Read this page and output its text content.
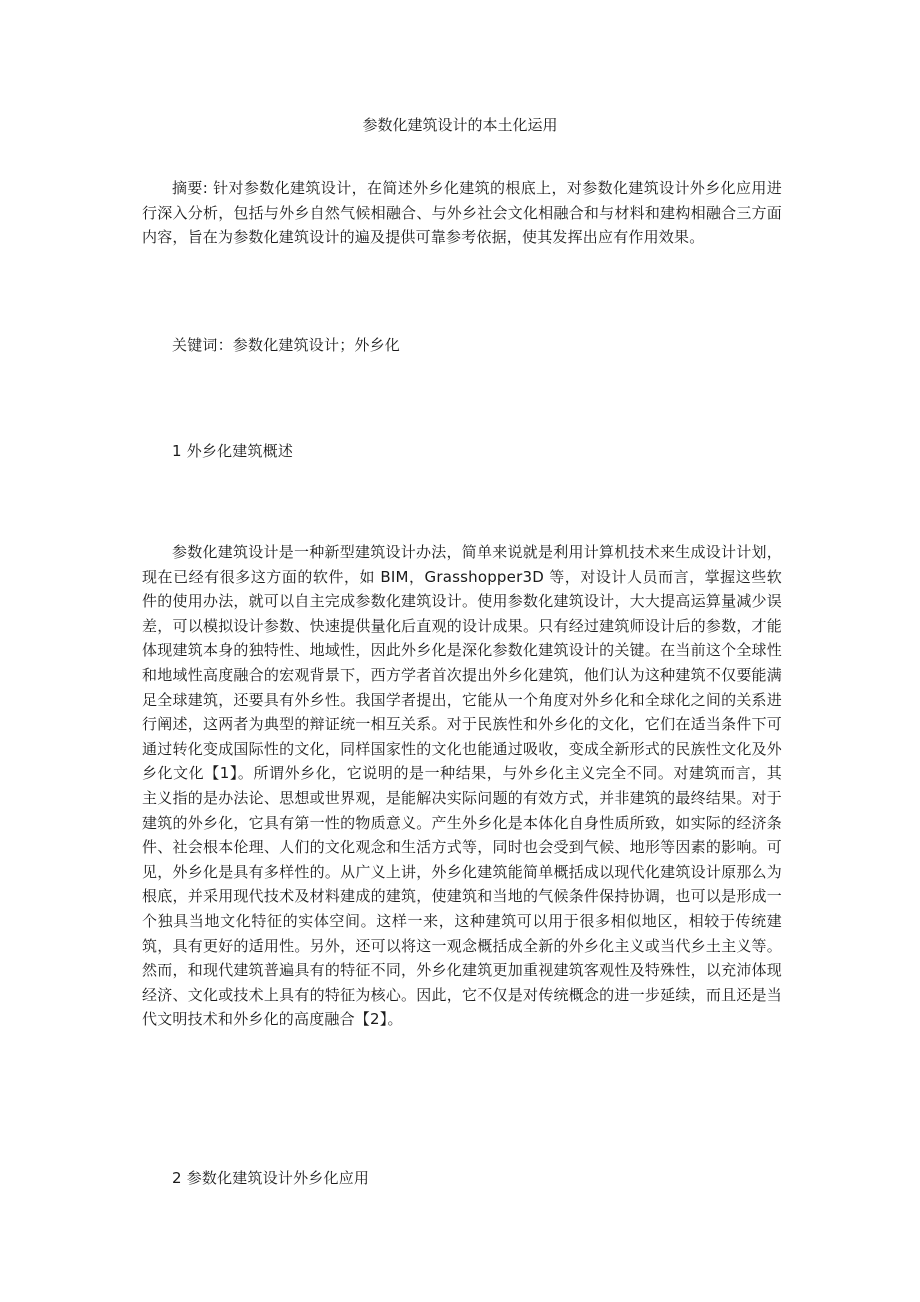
参数化建筑设计的本土化运用

摘要: 针对参数化建筑设计，在简述外乡化建筑的根底上，对参数化建筑设计外乡化应用进行深入分析，包括与外乡自然气候相融合、与外乡社会文化相融合和与材料和建构相融合三方面内容，旨在为参数化建筑设计的遍及提供可靠参考依据，使其发挥出应有作用效果。

关键词：参数化建筑设计；外乡化

1 外乡化建筑概述

参数化建筑设计是一种新型建筑设计办法，简单来说就是利用计算机技术来生成设计计划，现在已经有很多这方面的软件，如 BIM，Grasshopper3D 等，对设计人员而言，掌握这些软件的使用办法，就可以自主完成参数化建筑设计。使用参数化建筑设计，大大提高运算量减少误差，可以模拟设计参数、快速提供量化后直观的设计成果。只有经过建筑师设计后的参数，才能体现建筑本身的独特性、地域性，因此外乡化是深化参数化建筑设计的关键。在当前这个全球性和地域性高度融合的宏观背景下，西方学者首次提出外乡化建筑，他们认为这种建筑不仅要能满足全球建筑，还要具有外乡性。我国学者提出，它能从一个角度对外乡化和全球化之间的关系进行阐述，这两者为典型的辩证统一相互关系。对于民族性和外乡化的文化，它们在适当条件下可通过转化变成国际性的文化，同样国家性的文化也能通过吸收，变成全新形式的民族性文化及外乡化文化【1】。所谓外乡化，它说明的是一种结果，与外乡化主义完全不同。对建筑而言，其主义指的是办法论、思想或世界观，是能解决实际问题的有效方式，并非建筑的最终结果。对于建筑的外乡化，它具有第一性的物质意义。产生外乡化是本体化自身性质所致，如实际的经济条件、社会根本伦理、人们的文化观念和生活方式等，同时也会受到气候、地形等因素的影响。可见，外乡化是具有多样性的。从广义上讲，外乡化建筑能简单概括成以现代化建筑设计原那么为根底，并采用现代技术及材料建成的建筑，使建筑和当地的气候条件保持协调，也可以是形成一个独具当地文化特征的实体空间。这样一来，这种建筑可以用于很多相似地区，相较于传统建筑，具有更好的适用性。另外，还可以将这一观念概括成全新的外乡化主义或当代乡土主义等。然而，和现代建筑普遍具有的特征不同，外乡化建筑更加重视建筑客观性及特殊性，以充沛体现经济、文化或技术上具有的特征为核心。因此，它不仅是对传统概念的进一步延续，而且还是当代文明技术和外乡化的高度融合【2】。

2 参数化建筑设计外乡化应用
